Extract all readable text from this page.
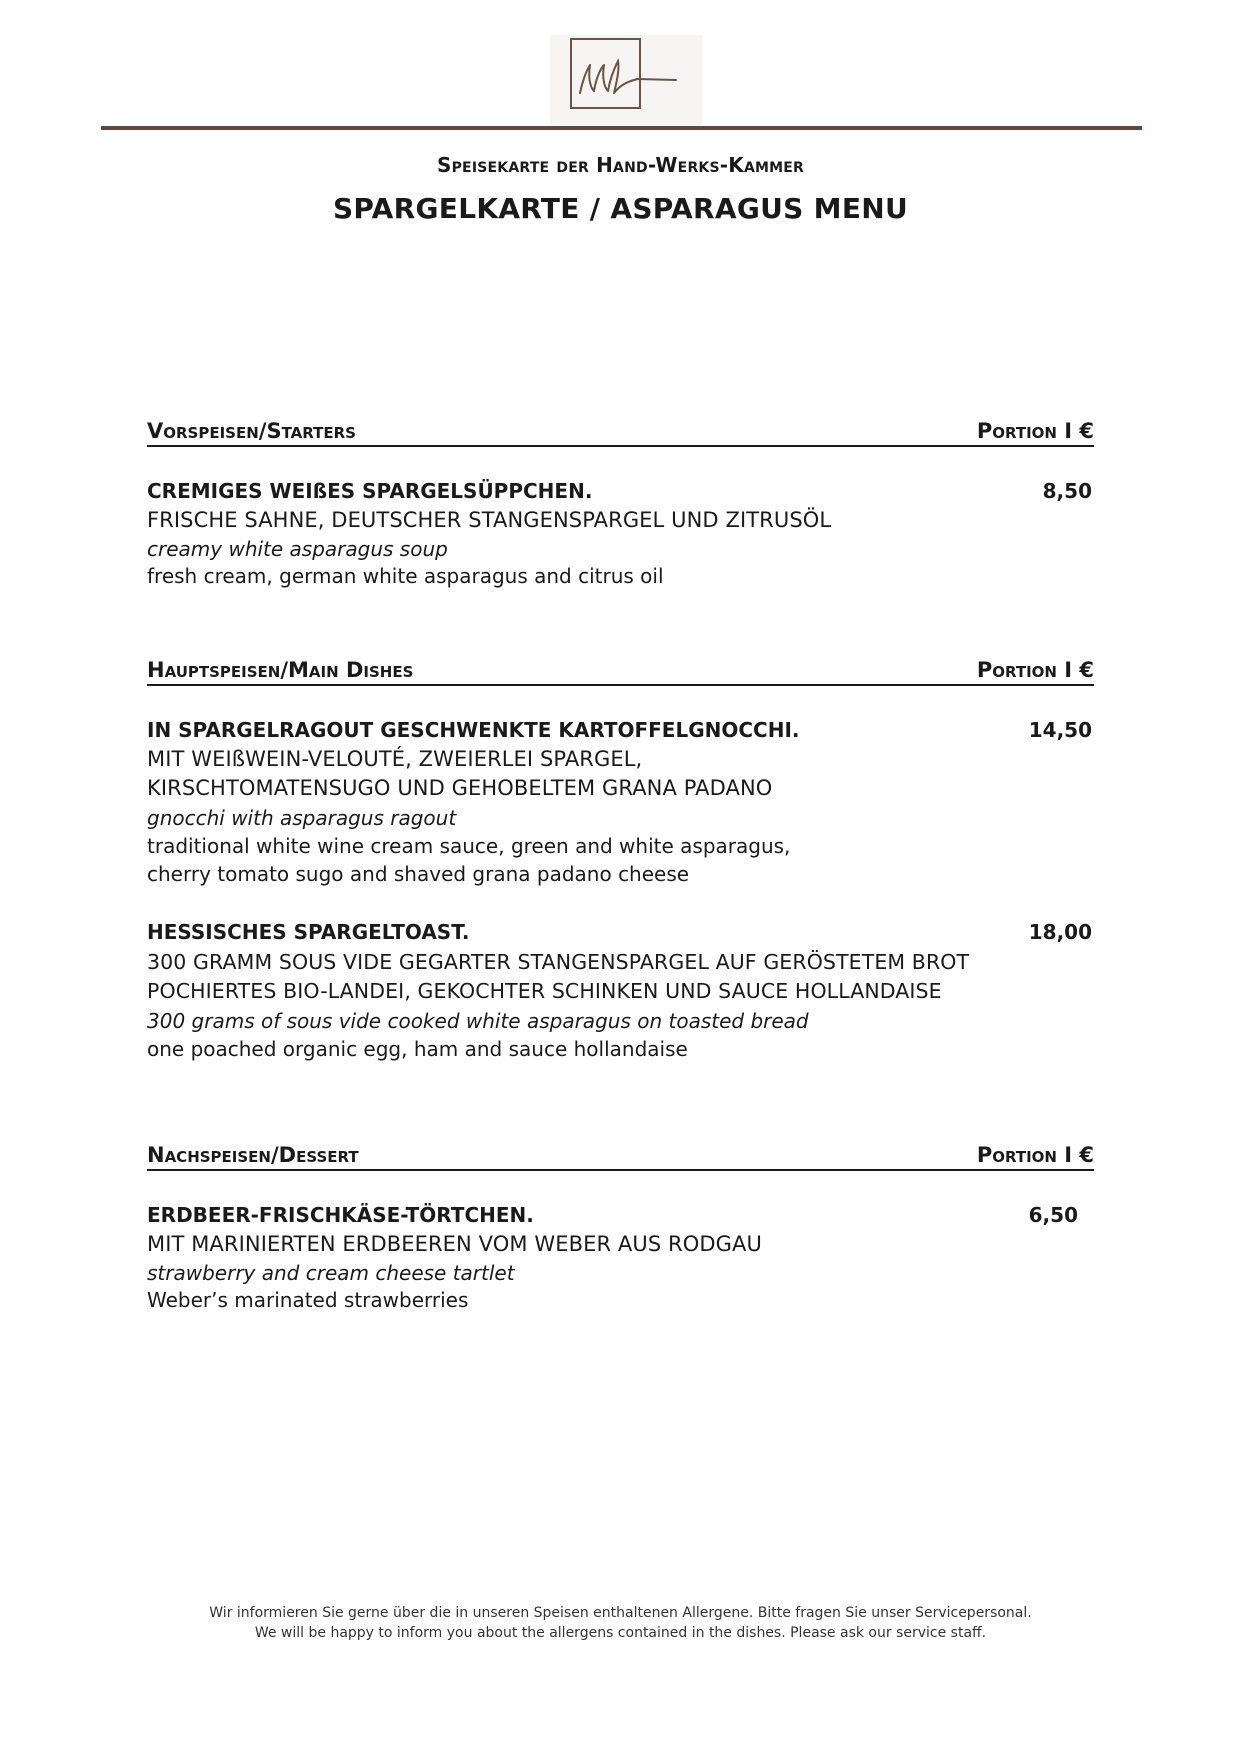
Speisekarte der Hand-Werks-Kammer
SPARGELKARTE / ASPARAGUS MENU
Vorspeisen/Starters	Portion I €
CREMIGES WEIßES SPARGELSÜPPCHEN.	8,50
FRISCHE SAHNE, DEUTSCHER STANGENSPARGEL UND ZITRUSÖL
creamy white asparagus soup
fresh cream, german white asparagus and citrus oil
Hauptspeisen/Main Dishes	Portion I €
IN SPARGELRAGOUT GESCHWENKTE KARTOFFELGNOCCHI.	14,50
MIT WEIßWEIN-VELOUTÉ, ZWEIERLEI SPARGEL,
KIRSCHTOMATENSUGO UND GEHOBELTEM GRANA PADANO
gnocchi with asparagus ragout
traditional white wine cream sauce, green and white asparagus,
cherry tomato sugo and shaved grana padano cheese
HESSISCHES SPARGELTOAST.	18,00
300 GRAMM SOUS VIDE GEGARTER STANGENSPARGEL AUF GERÖSTETEM BROT
POCHIERTES BIO-LANDEI, GEKOCHTER SCHINKEN UND SAUCE HOLLANDAISE
300 grams of sous vide cooked white asparagus on toasted bread
one poached organic egg, ham and sauce hollandaise
Nachspeisen/Dessert	Portion I €
ERDBEER-FRISCHKÄSE-TÖRTCHEN.	6,50
MIT MARINIERTEN ERDBEEREN VOM WEBER AUS RODGAU
strawberry and cream cheese tartlet
Weber’s marinated strawberries
Wir informieren Sie gerne über die in unseren Speisen enthaltenen Allergene. Bitte fragen Sie unser Servicepersonal.
We will be happy to inform you about the allergens contained in the dishes. Please ask our service staff.
